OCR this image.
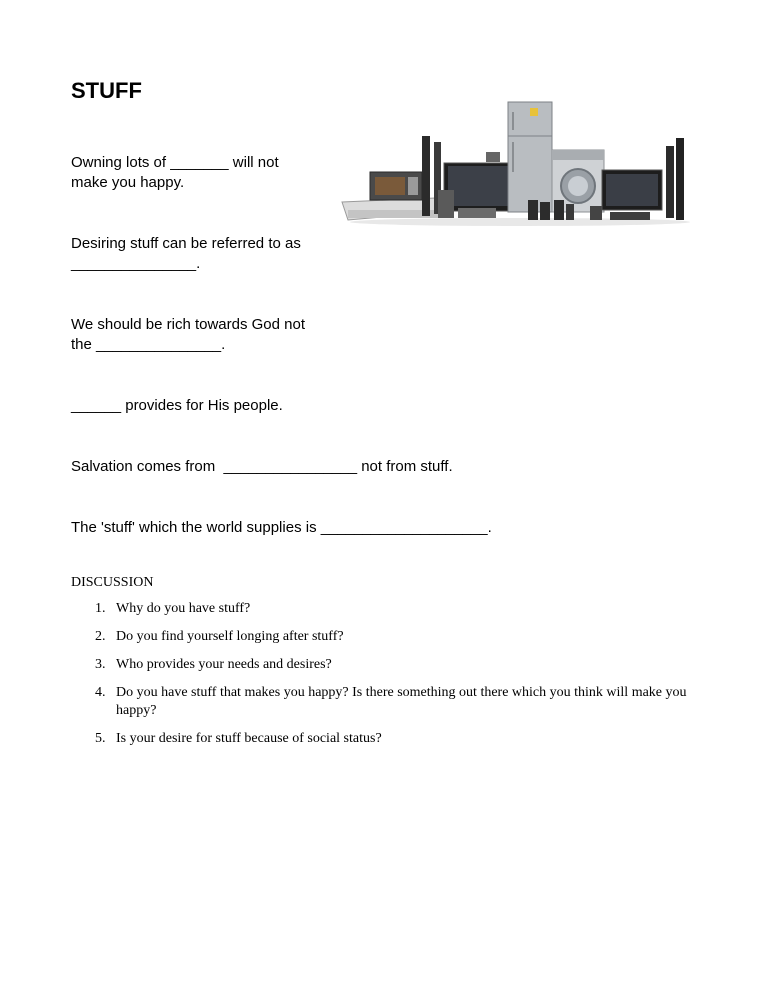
STUFF

Owning lots of _______ will not
make you happy.

Desiring stuff can be referred to as
_______________.

We should be rich towards God not
the _______________.

______ provides for His people.

Salvation comes from  ________________ not from stuff.

The 'stuff' which the world supplies is ____________________.

DISCUSSION

1. Why do you have stuff?
2. Do you find yourself longing after stuff?
3. Who provides your needs and desires?
4. Do you have stuff that makes you happy? Is there something out there which you think will make you happy?
5. Is your desire for stuff because of social status?
